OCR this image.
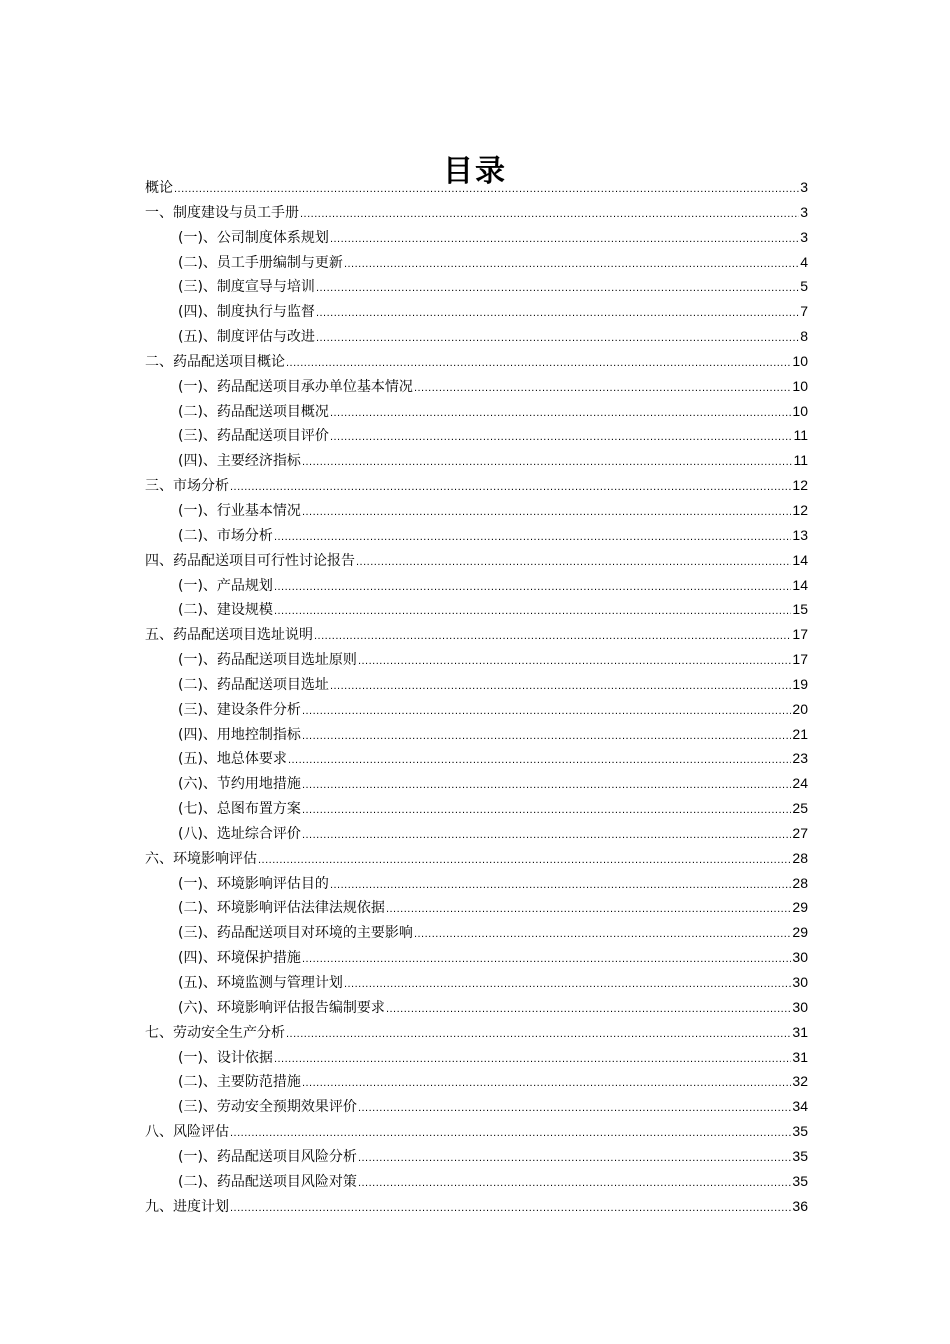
目录
概论 .....	3
一、制度建设与员工手册 .....	3
(一)、公司制度体系规划 .....	3
(二)、员工手册编制与更新 .....	4
(三)、制度宣导与培训 .....	5
(四)、制度执行与监督 .....	7
(五)、制度评估与改进 .....	8
二、药品配送项目概论 .....	10
(一)、药品配送项目承办单位基本情况 .....	10
(二)、药品配送项目概况 .....	10
(三)、药品配送项目评价 .....	11
(四)、主要经济指标 .....	11
三、市场分析 .....	12
(一)、行业基本情况 .....	12
(二)、市场分析 .....	13
四、药品配送项目可行性讨论报告 .....	14
(一)、产品规划 .....	14
(二)、建设规模 .....	15
五、药品配送项目选址说明 .....	17
(一)、药品配送项目选址原则 .....	17
(二)、药品配送项目选址 .....	19
(三)、建设条件分析 .....	20
(四)、用地控制指标 .....	21
(五)、地总体要求 .....	23
(六)、节约用地措施 .....	24
(七)、总图布置方案 .....	25
(八)、选址综合评价 .....	27
六、环境影响评估 .....	28
(一)、环境影响评估目的 .....	28
(二)、环境影响评估法律法规依据 .....	29
(三)、药品配送项目对环境的主要影响 .....	29
(四)、环境保护措施 .....	30
(五)、环境监测与管理计划 .....	30
(六)、环境影响评估报告编制要求 .....	30
七、劳动安全生产分析 .....	31
(一)、设计依据 .....	31
(二)、主要防范措施 .....	32
(三)、劳动安全预期效果评价 .....	34
八、风险评估 .....	35
(一)、药品配送项目风险分析 .....	35
(二)、药品配送项目风险对策 .....	35
九、进度计划 .....	36
